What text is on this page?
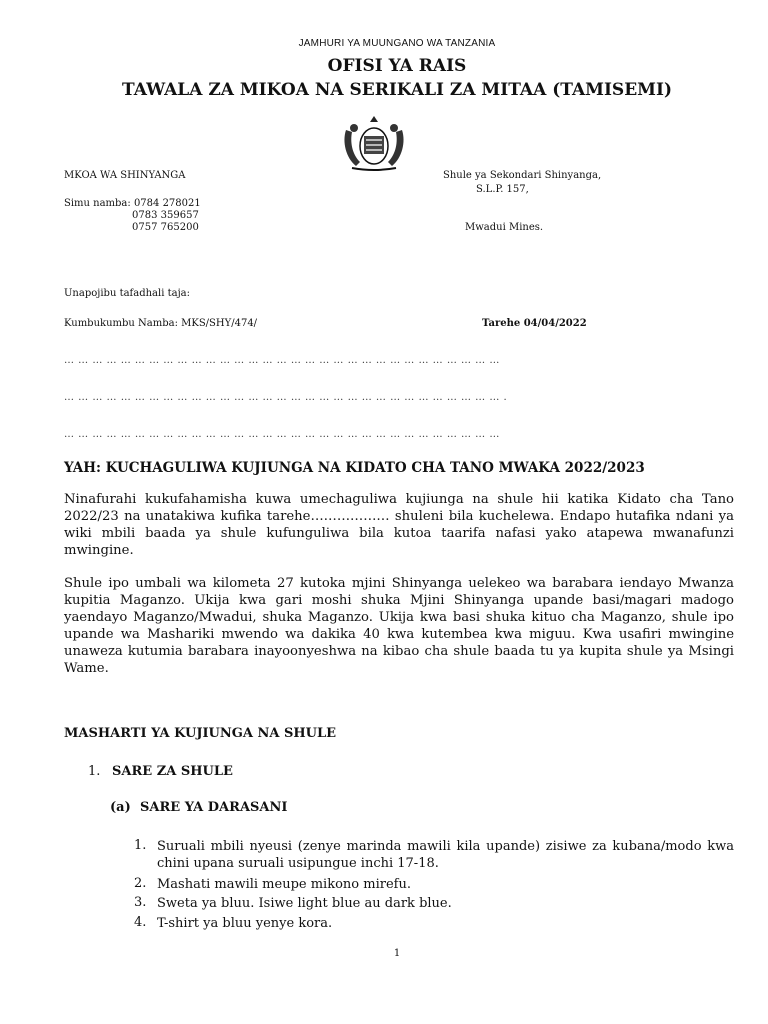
JAMHURI YA MUUNGANO WA TANZANIA
OFISI YA RAIS
TAWALA ZA MIKOA NA SERIKALI ZA MITAA (TAMISEMI)
MKOA WA SHINYANGA
Simu namba: 0784 278021
0783 359657
0757 765200
Shule ya Sekondari Shinyanga,
S.L.P. 157,
Mwadui Mines.
Unapojibu tafadhali taja:
Kumbukumbu Namba: MKS/SHY/474/	Tarehe 04/04/2022
… … … … … … … … … … … … … … … … … … … … … … … … … … … … … … …
… … … … … … … … … … … … … … … … … … … … … … … … … … … … … … … .
… … … … … … … … … … … … … … … … … … … … … … … … … … … … … … …
YAH: KUCHAGULIWA KUJIUNGA NA KIDATO CHA TANO MWAKA 2022/2023
Ninafurahi kukufahamisha kuwa umechaguliwa kujiunga na shule hii katika Kidato cha Tano 2022/23 na unatakiwa kufika tarehe……………… shuleni bila kuchelewa. Endapo hutafika ndani ya wiki mbili baada ya shule kufunguliwa bila kutoa taarifa nafasi yako atapewa mwanafunzi mwingine.
Shule ipo umbali wa kilometa 27 kutoka mjini Shinyanga uelekeo wa barabara iendayo Mwanza kupitia Maganzo. Ukija kwa gari moshi shuka Mjini Shinyanga upande basi/magari madogo yaendayo Maganzo/Mwadui, shuka Maganzo. Ukija kwa basi shuka kituo cha Maganzo, shule ipo upande wa Mashariki mwendo wa dakika 40 kwa kutembea kwa miguu. Kwa usafiri mwingine unaweza kutumia barabara inayoonyeshwa na kibao cha shule baada tu ya kupita shule ya Msingi Wame.
MASHARTI YA KUJIUNGA NA SHULE
1. SARE ZA SHULE
(a) SARE YA DARASANI
1. Suruali mbili nyeusi (zenye marinda mawili kila upande) zisiwe za kubana/modo kwa chini upana suruali usipungue inchi 17-18.
2. Mashati mawili meupe mikono mirefu.
3. Sweta ya bluu. Isiwe light blue au dark blue.
4. T-shirt ya bluu yenye kora.
1
